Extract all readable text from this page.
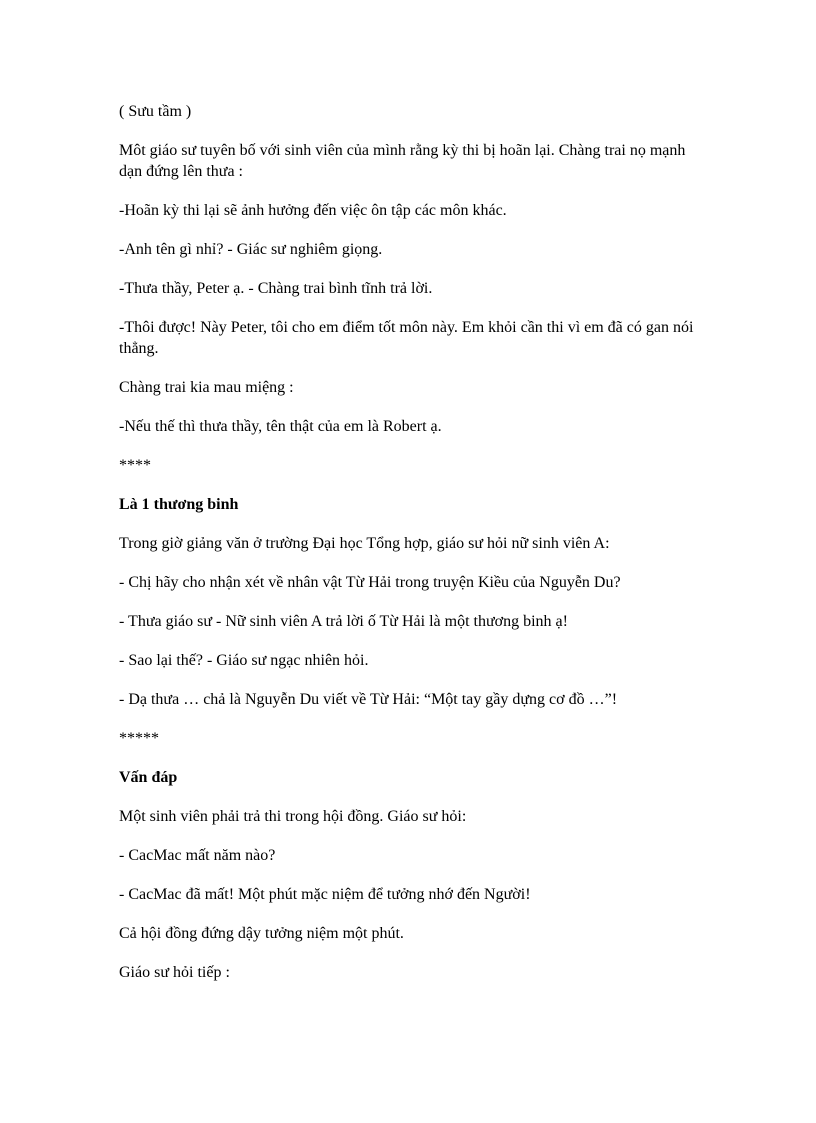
( Sưu tầm )

Môt giáo sư tuyên bố với sinh viên của mình rằng kỳ thi bị hoãn lại. Chàng trai nọ mạnh dạn đứng lên thưa :

-Hoãn kỳ thi lại sẽ ảnh hưởng đến việc ôn tập các môn khác.

-Anh tên gì nhỉ? - Giác sư nghiêm giọng.

-Thưa thầy, Peter ạ. - Chàng trai bình tĩnh trả lời.

-Thôi được! Này Peter, tôi cho em điểm tốt môn này. Em khỏi cần thi vì em đã có gan nói thẳng.

Chàng trai kia mau miệng :

-Nếu thế thì thưa thầy, tên thật của em là Robert ạ.

****

Là 1 thương binh

Trong giờ giảng văn ở trường Đại học Tổng hợp, giáo sư hỏi nữ sinh viên A:

- Chị hãy cho nhận xét về nhân vật Từ Hải trong truyện Kiều của Nguyễn Du?

- Thưa giáo sư - Nữ sinh viên A trả lời ố Từ Hải là một thương binh ạ!

- Sao lại thế? - Giáo sư ngạc nhiên hỏi.

- Dạ thưa … chả là Nguyễn Du viết về Từ Hải: “Một tay gầy dựng cơ đồ …”!

*****

Vấn đáp

Một sinh viên phải trả thi trong hội đồng. Giáo sư hỏi:

- CacMac mất năm nào?

- CacMac đã mất! Một phút mặc niệm để tưởng nhớ đến Người!

Cả hội đồng đứng dậy tưởng niệm một phút.

Giáo sư hỏi tiếp :
